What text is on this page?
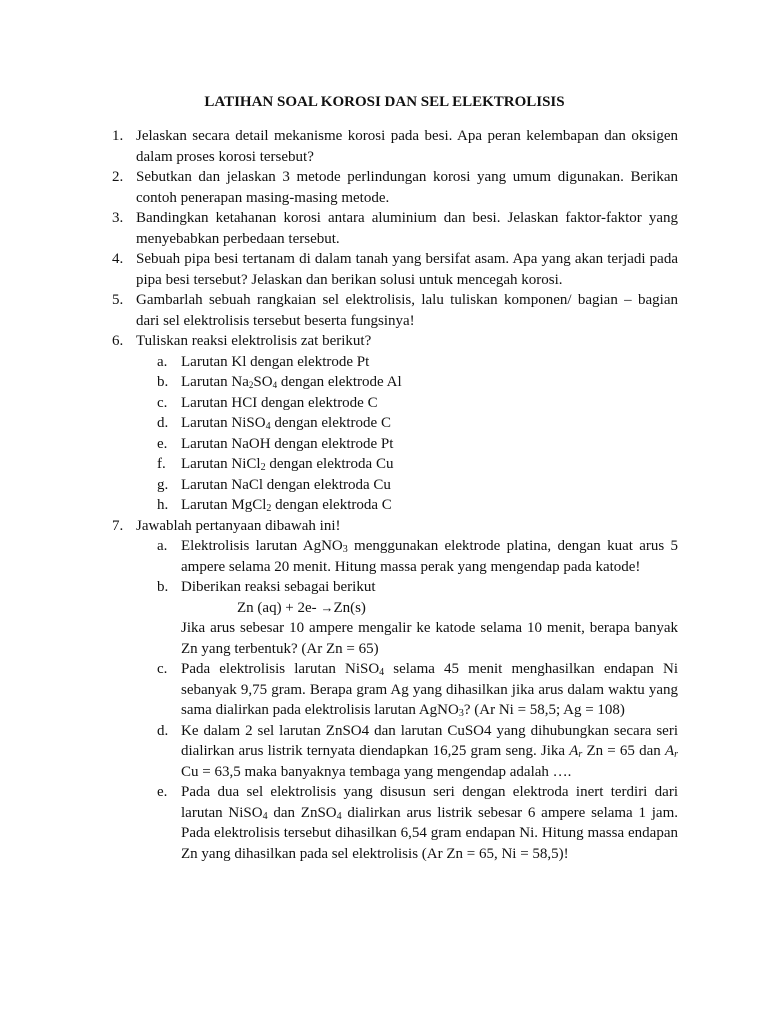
LATIHAN SOAL KOROSI DAN SEL ELEKTROLISIS
1. Jelaskan secara detail mekanisme korosi pada besi. Apa peran kelembapan dan oksigen dalam proses korosi tersebut?
2. Sebutkan dan jelaskan 3 metode perlindungan korosi yang umum digunakan. Berikan contoh penerapan masing-masing metode.
3. Bandingkan ketahanan korosi antara aluminium dan besi. Jelaskan faktor-faktor yang menyebabkan perbedaan tersebut.
4. Sebuah pipa besi tertanam di dalam tanah yang bersifat asam. Apa yang akan terjadi pada pipa besi tersebut? Jelaskan dan berikan solusi untuk mencegah korosi.
5. Gambarlah sebuah rangkaian sel elektrolisis, lalu tuliskan komponen/ bagian – bagian dari sel elektrolisis tersebut beserta fungsinya!
6. Tuliskan reaksi elektrolisis zat berikut?
a. Larutan Kl dengan elektrode Pt
b. Larutan $Na_2SO_4$ dengan elektrode Al
c. Larutan HCI dengan elektrode C
d. Larutan NiSO$_4$ dengan elektrode C
e. Larutan NaOH dengan elektrode Pt
f. Larutan NiCl$_2$ dengan elektroda Cu
g. Larutan NaCl dengan elektroda Cu
h. Larutan MgCl$_2$ dengan elektroda C
7. Jawablah pertanyaan dibawah ini!
a. Elektrolisis larutan AgNO$_3$ menggunakan elektrode platina, dengan kuat arus 5 ampere selama 20 menit. Hitung massa perak yang mengendap pada katode!
b. Diberikan reaksi sebagai berikut
Zn (aq) + 2e- →Zn(s)
Jika arus sebesar 10 ampere mengalir ke katode selama 10 menit, berapa banyak Zn yang terbentuk? (Ar Zn = 65)
c. Pada elektrolisis larutan NiSO$_4$ selama 45 menit menghasilkan endapan Ni sebanyak 9,75 gram. Berapa gram Ag yang dihasilkan jika arus dalam waktu yang sama dialirkan pada elektrolisis larutan AgNO$_3$? (Ar Ni = 58,5; Ag = 108)
d. Ke dalam 2 sel larutan ZnSO4 dan larutan CuSO4 yang dihubungkan secara seri dialirkan arus listrik ternyata diendapkan 16,25 gram seng. Jika $A_r$ Zn = 65 dan $A_r$ Cu = 63,5 maka banyaknya tembaga yang mengendap adalah ….
e. Pada dua sel elektrolisis yang disusun seri dengan elektroda inert terdiri dari larutan NiSO$_4$ dan ZnSO$_4$ dialirkan arus listrik sebesar 6 ampere selama 1 jam. Pada elektrolisis tersebut dihasilkan 6,54 gram endapan Ni. Hitung massa endapan Zn yang dihasilkan pada sel elektrolisis (Ar Zn = 65, Ni = 58,5)!
